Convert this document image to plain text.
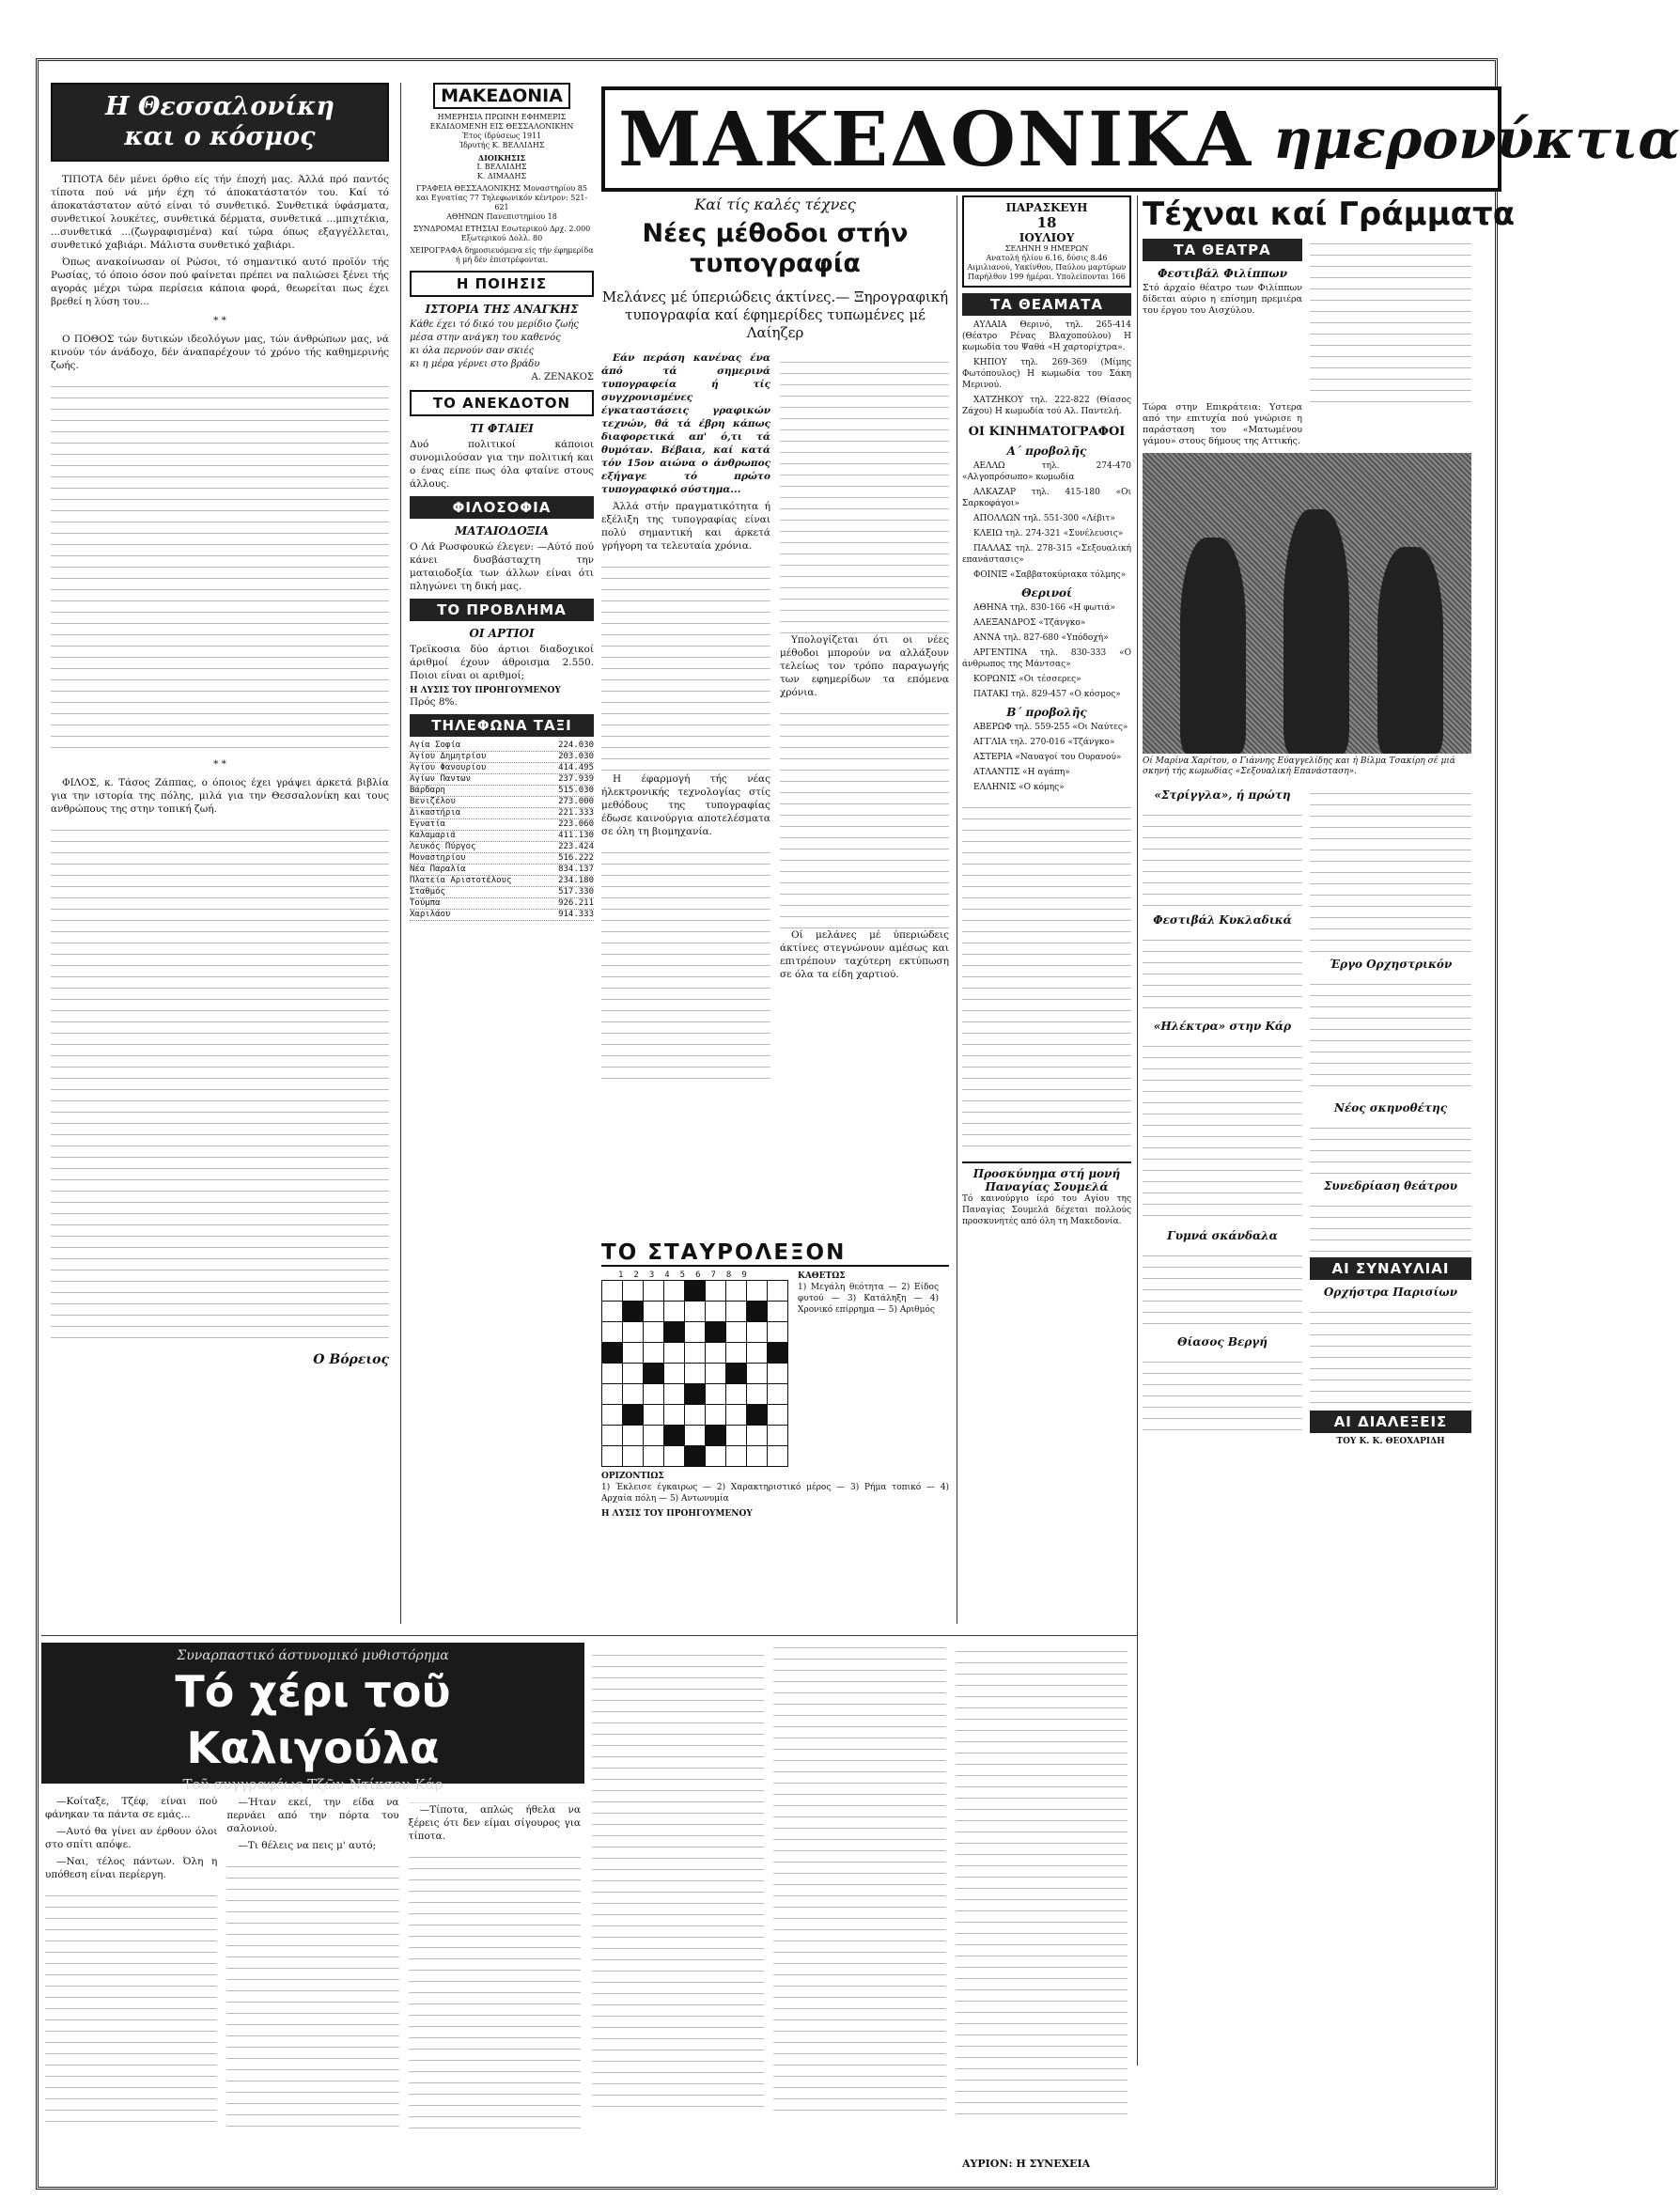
Η Θεσσαλονίκη και ο κόσμος

ΤΙΠΟΤΑ δέν μένει όρθιο είς τήν έποχή μας. Άλλά πρό παντός τίποτα πού νά μήν έχη τό άποκατάστατόν του. Καί τό άποκατάστατον αύτό είναι τό συνθετικό. Συνθετικά ύφάσματα, συνθετικοί λουκέτες, συνθετικά δέρματα, συνθετικά ...μπιχτέκια, ...συνθετικά ...(ζωγραφισμένα) καί τώρα όπως εξαγγέλλεται, συνθετικό χαβιάρι. Μάλιστα συνθετικό χαβιάρι.

Όπως ανακοίνωσαν οί Ρώσοι, τό σημαντικό αυτό προϊόν τής Ρωσίας, τό όποιο όσον πού φαίνεται πρέπει να παλιώσει ξένει τής αγοράς μέχρι τώρα περίσεια κάποια φορά, θεωρείται πως έχει βρεθεί η λύση του...

* *

Ο ΠΟΘΟΣ τών δυτικών ιδεολόγων μας, τών άνθρώπων μας, νά κινούν τόν άνάδοχο, δέν άναπαρέχουν τό χρόνο τής καθημερινής ζωής.

* *

ΦΙΛΟΣ, κ. Τάσος Ζάππας, ο όποιος έχει γράψει άρκετά βιβλία για την ιστορία της πόλης, μιλά για την Θεσσαλονίκη και τους ανθρώπους της στην τοπική ζωή.

Ο Βόρειος
ΜΑΚΕΔΟΝΙΑ
ΗΜΕΡΗΣΙΑ ΠΡΩΙΝΗ ΕΦΗΜΕΡΙΣ ΕΚΔΙΔΟΜΕΝΗ ΕΙΣ ΘΕΣΣΑΛΟΝΙΚΗΝ
Έτος ίδρύσεως 1911
Ίδρυτής Κ. ΒΕΛΛΙΔΗΣ
ΔΙΟΙΚΗΣΙΣ
Ι. ΒΕΛΛΙΔΗΣ
Κ. ΔΙΜΑΔΗΣ
ΓΡΑΦΕΙΑ ΘΕΣΣΑΛΟΝΙΚΗΣ Μοναστηρίου 85 και Εγνατίας 77 Τηλεφωνικόν κέντρον: 521-621
ΑΘΗΝΩΝ Πανεπιστημίου 18
ΣΥΝΔΡΟΜΑΙ ΕΤΗΣΙΑΙ Εσωτερικού Δρχ. 2.000 Εξωτερικού Δολλ. 80
ΧΕΙΡΟΓΡΑΦΑ δημοσιευόμενα είς τήν έφημερίδα ή μή δέν έπιστρέφονται.
Η ΠΟΙΗΣΙΣ
ΙΣΤΟΡΙΑ ΤΗΣ ΑΝΑΓΚΗΣ
Κάθε έχει τό δικό του μερίδιο ζωής
μέσα στην ανάγκη του καθενός
κι όλα περνούν σαν σκιές
κι η μέρα γέρνει στο βράδυ
Α. ΖΕΝΑΚΟΣ
ΤΟ ΑΝΕΚΔΟΤΟΝ
ΤΙ ΦΤΑΙΕΙ
Δυό πολιτικοί κάποιοι συνομιλούσαν για την πολιτική και ο ένας είπε πως όλα φταίνε στους άλλους.
ΦΙΛΟΣΟΦΙΑ
ΜΑΤΑΙΟΔΟΞΙΑ
Ο Λά Ρωσφουκώ έλεγεν: —Αύτό πού κάνει δυσβάσταχτη την ματαιοδοξία των άλλων είναι ότι πληγώνει τη δική μας.
ΤΟ ΠΡΟΒΛΗΜΑ
ΟΙ ΑΡΤΙΟΙ
Τρεϊκοσια δύο άρτιοι διαδοχικοί άριθμοί έχουν άθροισμα 2.550. Ποιοι είναι οι αριθμοί;
Η ΛΥΣΙΣ ΤΟΥ ΠΡΟΗΓΟΥΜΕΝΟΥ
Πρός 8%.
ΤΗΛΕΦΩΝΑ ΤΑΞΙ
Αγία Σοφία	224.030
Αγίου Δημητρίου	203.030
Αγίου Φανουρίου	414.495
Αγίων Παντων	237.939
Βάρδαρη	515.030
Βενιζέλου	273.000
Δικαστήρια	221.333
Εγνατία	223.060
Καλαμαριά	411.130
Λευκός Πύργος	223.424
Μοναστηρίου	516.222
Νέα Παραλία	834.137
Πλατεία Αριστοτέλους	234.180
Σταθμός	517.330
Τούμπα	926.211
Χαριλάου	914.333
ΜΑΚΕΔΟΝΙΚΑ ημερονύκτια
Καί τίς καλές τέχνες
Νέες μέθοδοι στήν τυπογραφία
Μελάνες μέ ύπεριώδεις άκτίνες.— Ξηρογραφική τυπογραφία καί έφημερίδες τυπωμένες μέ Λαίηζερ

Εάν περάση κανένας ένα άπό τά σημερινά τυπογραφεία ή τίς συγχρονισμένες έγκαταστάσεις γραφικών τεχνών, θά τά έβρη κάπως διαφορετικά απ' ό,τι τά θυμόταν. Βέβαια, καί κατά τόν 15ον αιώνα ο άνθρωπος εξήγαγε τό πρώτο τυπογραφικό σύστημα...

Άλλά στήν πραγματικότητα ή εξέλιξη της τυπογραφίας είναι πολύ σημαντική και άρκετά γρήγορη τα τελευταία χρόνια.

Η έφαρμογή τής νέας ήλεκτρονικής τεχνολογίας στίς μεθόδους της τυπογραφίας έδωσε καινούργια αποτελέσματα σε όλη τη βιομηχανία.

Υπολογίζεται ότι οι νέες μέθοδοι μπορούν να αλλάξουν τελείως τον τρόπο παραγωγής των εφημερίδων τα επόμενα χρόνια.

Οί μελάνες μέ ύπεριώδεις άκτίνες στεγνώνουν αμέσως και επιτρέπουν ταχύτερη εκτύπωση σε όλα τα είδη χαρτιού.

ΤΟ ΣΤΑΥΡΟΛΕΞΟΝ
123456789

									ΚΑΘΕΤΩΣ
1) Μεγάλη θεότητα — 2) Είδος φυτού — 3) Κατάληξη — 4) Χρονικό επίρρημα — 5) Αριθμός
ΟΡΙΖΟΝΤΙΩΣ
1) Έκλεισε έγκαιρως — 2) Χαρακτηριστικό μέρος — 3) Ρήμα τοπικό — 4) Αρχαία πόλη — 5) Αντωνυμία
Η ΛΥΣΙΣ ΤΟΥ ΠΡΟΗΓΟΥΜΕΝΟΥ
ΠΑΡΑΣΚΕΥΗ
18
ΙΟΥΛΙΟΥ
ΣΕΛΗΝΗ 9 ΗΜΕΡΩΝ
Ανατολή ήλίου 6.16, δύσις 8.46
Αιμιλιανού, Υακίνθου, Παύλου μαρτύρων
Παρήλθον 199 ήμέραι. Υπολείπονται 166
ΤΑ ΘΕΑΜΑΤΑ

ΑΥΛΑΙΑ Θερινό, τηλ. 265-414 (Θέατρο Ρένας Βλαχοπούλου) Η κωμωδία του Ψαθά «Η χαρτορίχτρα».

ΚΗΠΟΥ τηλ. 269-369 (Μίμης Φωτόπουλος) Η κωμωδία του Σάκη Μερινού.

ΧΑΤΖΗΚΟΥ τηλ. 222-822 (Θίασος Ζάχου) Η κωμωδία τού Αλ. Παντελή.

ΟΙ ΚΙΝΗΜΑΤΟΓΡΑΦΟΙ
Α΄ προβολῆς

ΑΕΛΛΩ τηλ. 274-470 «Αλγοπρόσωπο» κωμωδία

ΑΛΚΑΖΑΡ τηλ. 415-180 «Οι Σαρκοφάγοι»

ΑΠΟΛΛΩΝ τηλ. 551-300 «Λέβιτ»

ΚΛΕΙΩ τηλ. 274-321 «Συνέλευσις»

ΠΑΛΛΑΣ τηλ. 278-315 «Σεξουαλική επανάστασις»

ΦΟΙΝΙΞ «Σαββατοκύριακα τόλμης»

Θερινοί

ΑΘΗΝΑ τηλ. 830-166 «Η φωτιά»

ΑΛΕΞΑΝΔΡΟΣ «Τζάνγκο»

ΑΝΝΑ τηλ. 827-680 «Υπόδοχή»

ΑΡΓΕΝΤΙΝΑ τηλ. 830-333 «Ο άνθρωπος της Μάντσας»

ΚΟΡΩΝΙΣ «Οι τέσσερες»

ΠΑΤΑΚΙ τηλ. 829-457 «Ο κόσμος»

Β΄ προβολῆς

ΑΒΕΡΩΦ τηλ. 559-255 «Οι Ναύτες»

ΑΓΓΛΙΑ τηλ. 270-016 «Τζάνγκο»

ΑΣΤΕΡΙΑ «Ναυαγοί του Ουρανού»

ΑΤΛΑΝΤΙΣ «Η αγάπη»

ΕΛΛΗΝΙΣ «Ο κόμης»

Προσκύνημα στή μονή Παναγίας Σουμελά
Τό καινούργιο ίερό του Αγίου της Παναγίας Σουμελά δέχεται πολλούς προσκυνητές από όλη τη Μακεδονία.
Τέχναι καί Γράμματα
ΤΑ ΘΕΑΤΡΑ
Φεστιβάλ Φιλίππων
Στό άρχαίο θέατρο των Φιλίππων δίδεται αύριο η επίσημη πρεμιέρα του έργου του Αισχύλου.
Τώρα στην Επικράτεια: Υστερα από την επιτυχία πού γνώρισε η παράσταση του «Ματωμένου γάμου» στους δήμους της Αττικής.
Οί Μαρίνα Χαρίτου, ο Γιάννης Εύαγγελίδης και ή Βίλμα Τσακίρη σέ μιά σκηνή τής κωμωδίας «Σεξουαλική Επανάσταση».
«Στρίγγλα», ή πρώτη
Φεστιβάλ Κυκλαδικά
«Ηλέκτρα» στην Κάρ
Γυμνά σκάνδαλα
Θίασος Βεργή
Έργο Ορχηστρικόν
Νέος σκηνοθέτης
Συνεδρίαση θεάτρου
ΑΙ ΣΥΝΑΥΛΙΑΙ
Ορχήστρα Παρισίων
ΑΙ ΔΙΑΛΕΞΕΙΣ
ΤΟΥ Κ. Κ. ΘΕΟΧΑΡΙΔΗ
Συναρπαστικό άστυνομικό μυθιστόρημα
Τό χέρι τοῦ Καλιγούλα
Τοῦ συγγραφέως Τζῶν Ντίκσον Κάρ

—Κοίταξε, Τζέφ, είναι πού φάνηκαν τα πάντα σε εμάς...

—Αυτό θα γίνει αν έρθουν όλοι στο σπίτι απόψε.

—Ναι, τέλος πάντων. Όλη η υπόθεση είναι περίεργη.

—Ήταν εκεί, την είδα να περνάει από την πόρτα του σαλονιού.

—Τι θέλεις να πεις μ' αυτό;

—Τίποτα, απλώς ήθελα να ξέρεις ότι δεν είμαι σίγουρος για τίποτα.

ΑΥΡΙΟΝ: Η ΣΥΝΕΧΕΙΑ
